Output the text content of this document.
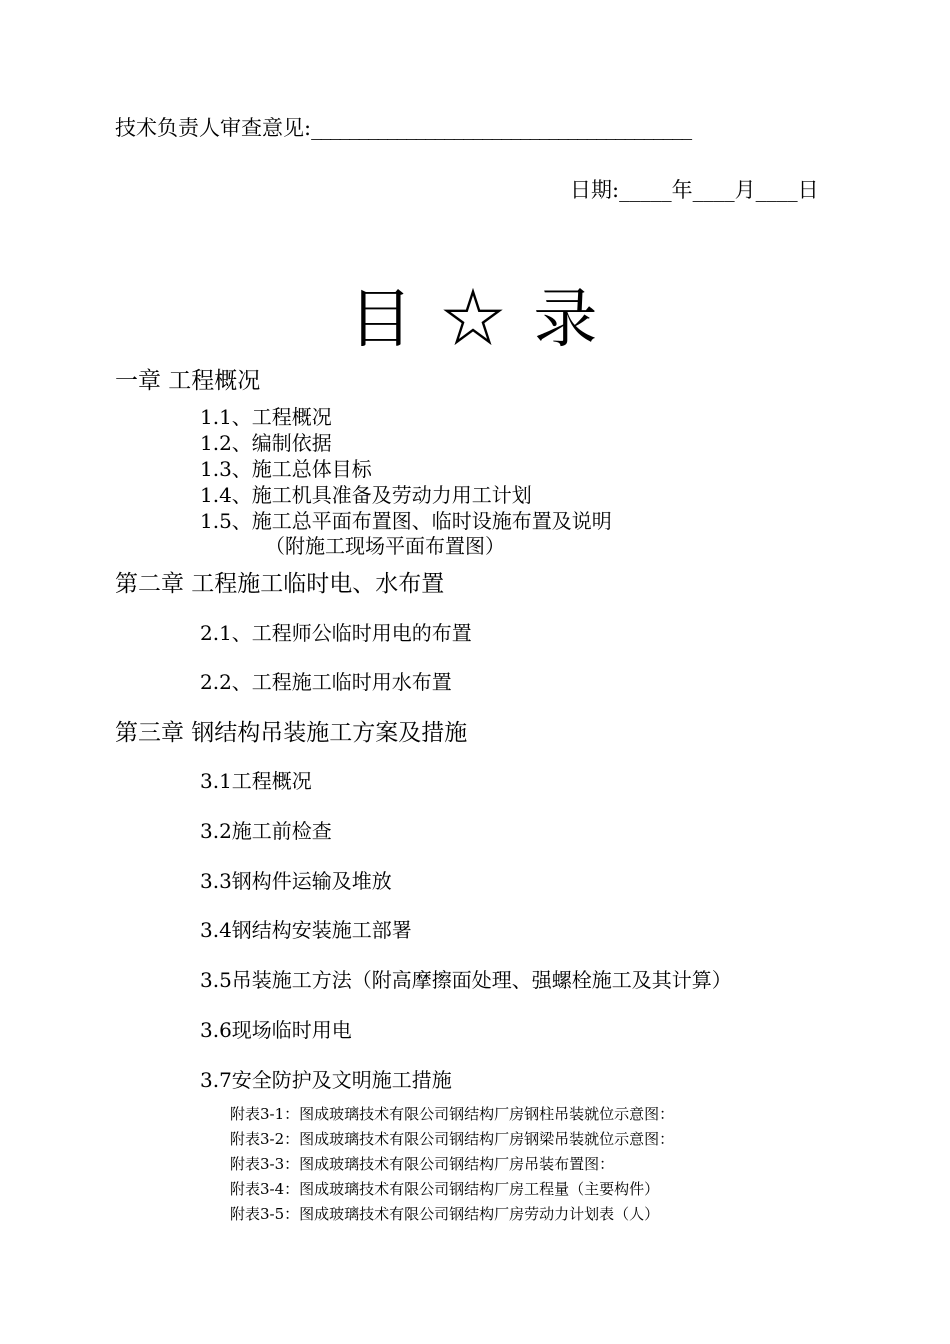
技术负责人审查意见:________________________________________
日期:_____年____月____日
目 ☆ 录
一章 工程概况
1.1、工程概况
1.2、编制依据
1.3、施工总体目标
1.4、施工机具准备及劳动力用工计划
1.5、施工总平面布置图、临时设施布置及说明
（附施工现场平面布置图）
第二章 工程施工临时电、水布置
2.1、工程师公临时用电的布置
2.2、工程施工临时用水布置
第三章 钢结构吊装施工方案及措施
3.1工程概况
3.2施工前检查
3.3钢构件运输及堆放
3.4钢结构安装施工部署
3.5吊装施工方法（附高摩擦面处理、强螺栓施工及其计算）
3.6现场临时用电
3.7安全防护及文明施工措施
附表3-1：图成玻璃技术有限公司钢结构厂房钢柱吊装就位示意图：
附表3-2：图成玻璃技术有限公司钢结构厂房钢梁吊装就位示意图：
附表3-3：图成玻璃技术有限公司钢结构厂房吊装布置图：
附表3-4：图成玻璃技术有限公司钢结构厂房工程量（主要构件）
附表3-5：图成玻璃技术有限公司钢结构厂房劳动力计划表（人）
